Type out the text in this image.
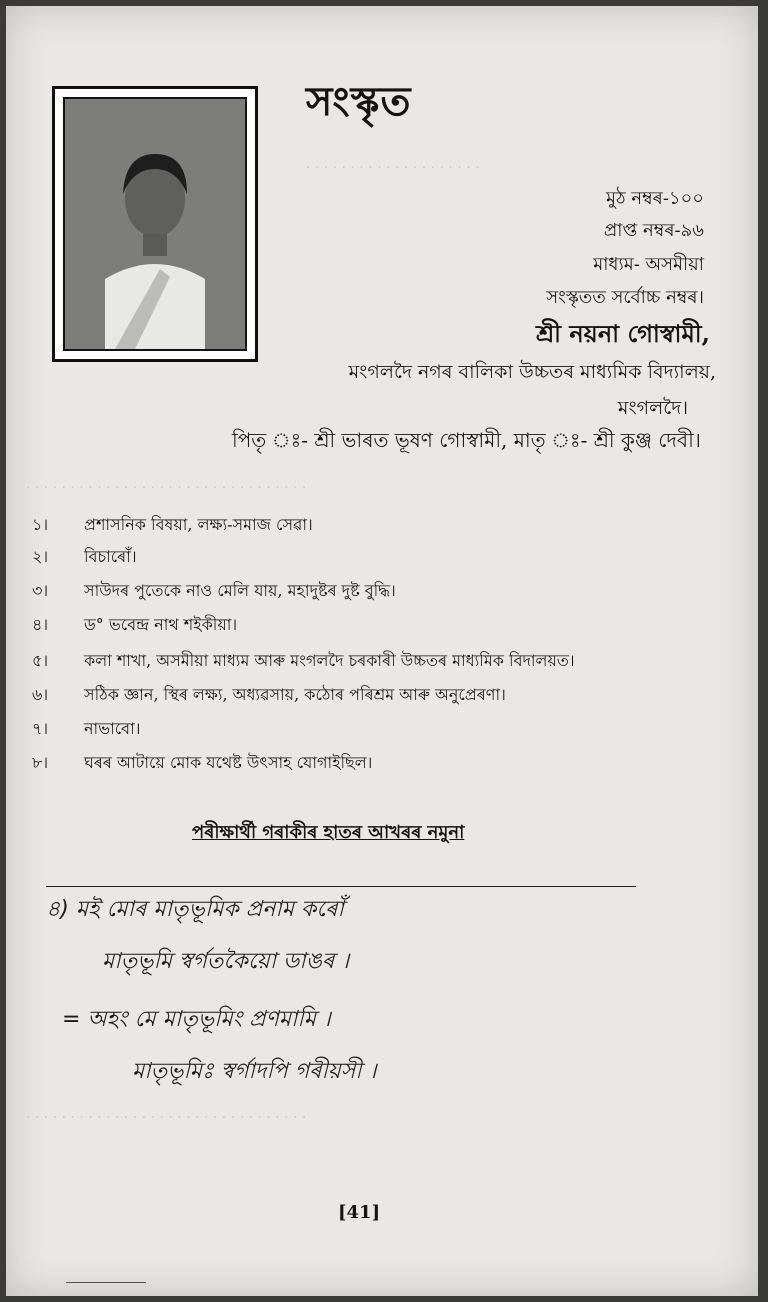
. . . . . . . . . . . . . . . . . . . .
. . . . . . . . . . . . . . . . . . . . . . . . . . . . . . . .
. . . . . . . . . . . . . . . . . . . . . . . . . . . . . . . .
সংস্কৃত
মুঠ নম্বৰ-১০০
প্ৰাপ্ত নম্বৰ-৯৬
মাধ্যম- অসমীয়া
সংস্কৃতত সৰ্বোচ্চ নম্বৰ।
শ্ৰী নয়না গোস্বামী,
মংগলদৈ নগৰ বালিকা উচ্চতৰ মাধ্যমিক বিদ্যালয়,
মংগলদৈ।
পিতৃ ঃ- শ্ৰী ভাৰত ভূষণ গোস্বামী, মাতৃ ঃ- শ্ৰী কুঞ্জ দেবী।
১। প্ৰশাসনিক বিষয়া, লক্ষ্য-সমাজ সেৱা।
২। বিচাৰোঁ।
৩। সাউদৰ পুতেকে নাও মেলি যায়, মহাদুষ্টৰ দুষ্ট বুদ্ধি।
৪। ড° ভবেন্দ্ৰ নাথ শইকীয়া।
৫। কলা শাখা, অসমীয়া মাধ্যম আৰু মংগলদৈ চৰকাৰী উচ্চতৰ মাধ্যমিক বিদালয়ত।
৬। সঠিক জ্ঞান, স্থিৰ লক্ষ্য, অধ্যৱসায়, কঠোৰ পৰিশ্ৰম আৰু অনুপ্ৰেৰণা।
৭। নাভাবো।
৮। ঘৰৰ আটায়ে মোক যথেষ্ট উৎসাহ যোগাইছিল।
পৰীক্ষাৰ্থী গৰাকীৰ হাতৰ আখৰৰ নমুনা
৪) মই মোৰ মাতৃভূমিক প্ৰনাম কৰোঁ
মাতৃভূমি স্বৰ্গতকৈয়ো ডাঙৰ ।
= অহং মে মাতৃভূমিং প্ৰণমামি ।
মাতৃভূমিঃ স্বৰ্গাদপি গৰীয়সী ।
[41]
